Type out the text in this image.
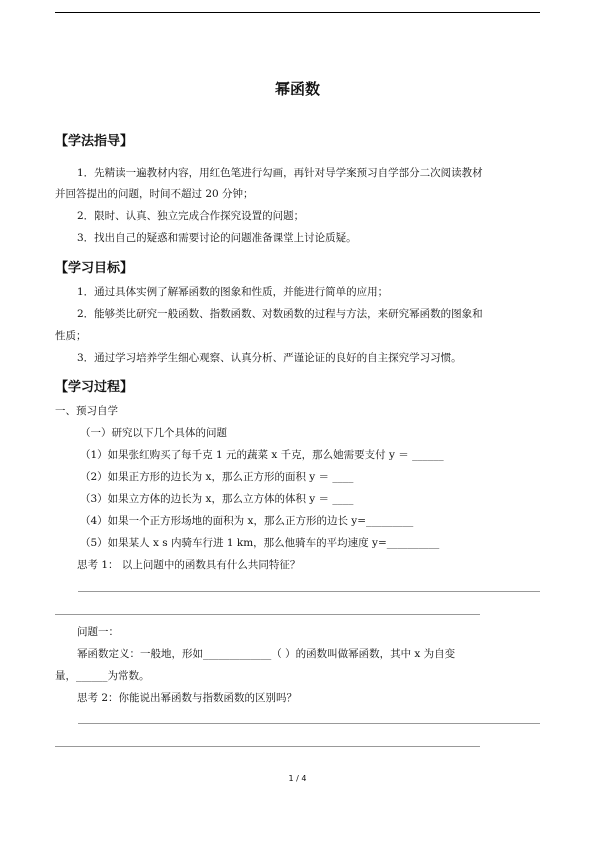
幂函数
【学法指导】
1．先精读一遍教材内容，用红色笔进行勾画，再针对导学案预习自学部分二次阅读教材
并回答提出的问题，时间不超过 20 分钟；
2．限时、认真、独立完成合作探究设置的问题；
3．找出自己的疑惑和需要讨论的问题准备课堂上讨论质疑。
【学习目标】
1．通过具体实例了解幂函数的图象和性质，并能进行简单的应用；
2．能够类比研究一般函数、指数函数、对数函数的过程与方法，来研究幂函数的图象和
性质；
3．通过学习培养学生细心观察、认真分析、严谨论证的良好的自主探究学习习惯。
【学习过程】
一、预习自学
（一）研究以下几个具体的问题
（1）如果张红购买了每千克 1 元的蔬菜 x 千克，那么她需要支付 y ＝ ______
（2）如果正方形的边长为 x，那么正方形的面积 y ＝ ____
（3）如果立方体的边长为 x，那么立方体的体积 y ＝ ____
（4）如果一个正方形场地的面积为 x，那么正方形的边长 y=_________
（5）如果某人 x s 内骑车行进 1 km，那么他骑车的平均速度 y=__________
思考 1： 以上问题中的函数具有什么共同特征？
问题一：
幂函数定义：一般地，形如_____________（ ）的函数叫做幂函数，其中 x 为自变
量，______为常数。
思考 2：你能说出幂函数与指数函数的区别吗？
1 / 4
